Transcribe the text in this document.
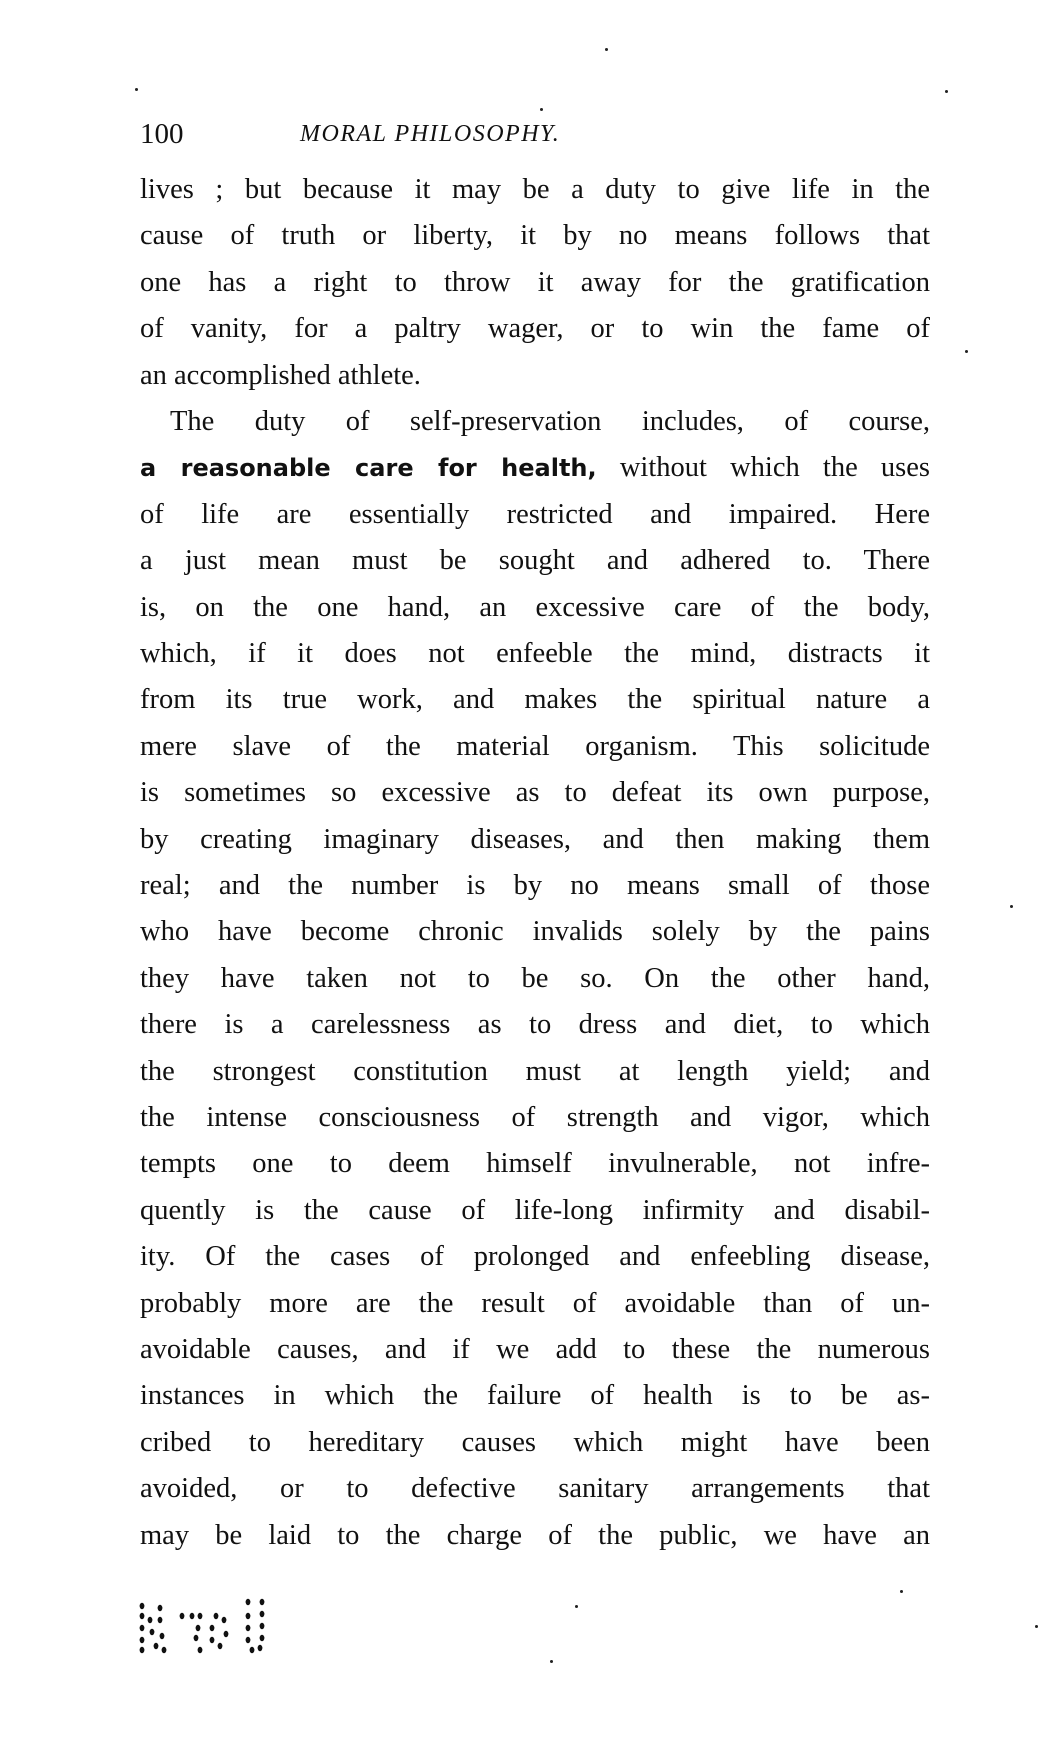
100	MORAL PHILOSOPHY.
lives ; but because it may be a duty to give life in the
cause of truth or liberty, it by no means follows that
one has a right to throw it away for the gratification
of vanity, for a paltry wager, or to win the fame of
an accomplished athlete.
The duty of self-preservation includes, of course,
a reasonable care for health, without which the uses
of life are essentially restricted and impaired. Here
a just mean must be sought and adhered to. There
is, on the one hand, an excessive care of the body,
which, if it does not enfeeble the mind, distracts it
from its true work, and makes the spiritual nature a
mere slave of the material organism. This solicitude
is sometimes so excessive as to defeat its own purpose,
by creating imaginary diseases, and then making them
real; and the number is by no means small of those
who have become chronic invalids solely by the pains
they have taken not to be so. On the other hand,
there is a carelessness as to dress and diet, to which
the strongest constitution must at length yield; and
the intense consciousness of strength and vigor, which
tempts one to deem himself invulnerable, not infre-
quently is the cause of life-long infirmity and disabil-
ity. Of the cases of prolonged and enfeebling disease,
probably more are the result of avoidable than of un-
avoidable causes, and if we add to these the numerous
instances in which the failure of health is to be as-
cribed to hereditary causes which might have been
avoided, or to defective sanitary arrangements that
may be laid to the charge of the public, we have an
